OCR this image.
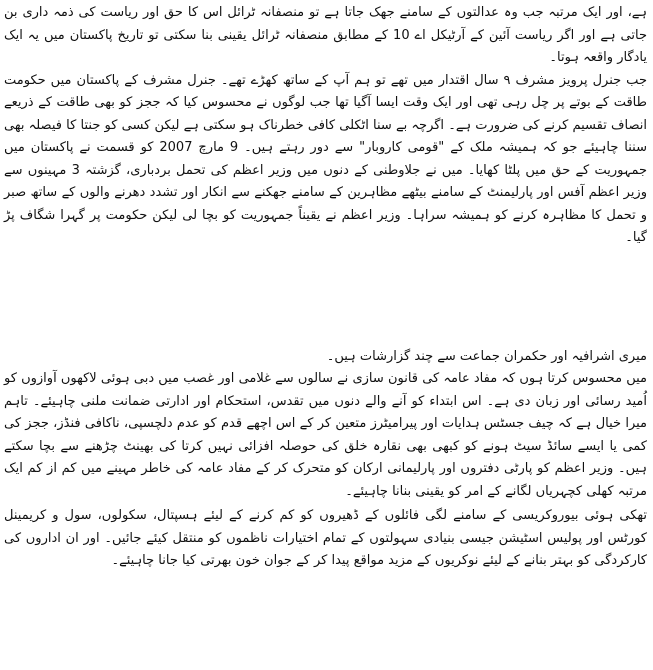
ہے، اور ایک مرتبہ جب وہ عدالتوں کے سامنے جھک جاتا ہے تو منصفانہ ٹرائل اس کا حق اور ریاست کی ذمہ داری بن جاتی ہے اور اگر ریاست آئین کے آرٹیکل اے 10 کے مطابق منصفانہ ٹرائل یقینی بنا سکتی تو تاریخ پاکستان میں یہ ایک یادگار واقعہ ہوتا۔

جب جنرل پرویز مشرف ۹ سال اقتدار میں تھے تو ہم آپ کے ساتھ کھڑے تھے۔ جنرل مشرف کے پاکستان میں حکومت طاقت کے بوتے پر چل رہی تھی اور ایک وقت ایسا آگیا تھا جب لوگوں نے محسوس کیا کہ ججز کو بھی طاقت کے ذریعے انصاف تقسیم کرنے کی ضرورت ہے۔ اگرچہ بے سنا اٹکلی کافی خطرناک ہو سکتی ہے لیکن کسی کو جنتا کا فیصلہ بھی سننا چاہیئے جو کہ ہمیشہ ملک کے "قومی کاروبار" سے دور رہتے ہیں۔ 9 مارچ 2007 کو قسمت نے پاکستان میں جمہوریت کے حق میں پلٹا کھایا۔ میں نے جلاوطنی کے دنوں میں وزیر اعظم کی تحمل بردباری، گزشتہ 3 مہینوں سے وزیر اعظم آفس اور پارلیمنٹ کے سامنے بیٹھے مظاہرین کے سامنے جھکنے سے انکار اور تشدد دھرنے والوں کے ساتھ صبر و تحمل کا مظاہرہ کرنے کو ہمیشہ سراہا۔ وزیر اعظم نے یقیناً جمہوریت کو بچا لی لیکن حکومت پر گہرا شگاف پڑ گیا۔

میری اشرافیہ اور حکمران جماعت سے چند گزارشات ہیں۔

میں محسوس کرتا ہوں کہ مفاد عامہ کی قانون سازی نے سالوں سے غلامی اور غصب میں دبی ہوئی لاکھوں آوازوں کو اُمید رسائی اور زبان دی ہے۔ اس ابتداء کو آنے والے دنوں میں تقدس، استحکام اور ادارتی ضمانت ملنی چاہیئے۔ تاہم میرا خیال ہے کہ چیف جسٹس ہدایات اور پیرامیٹرز متعین کر کے اس اچھے قدم کو عدم دلچسپی، ناکافی فنڈز، ججز کی کمی یا ایسے سائڈ سیٹ ہونے کو کبھی بھی نقارہ خلق کی حوصلہ افزائی نہیں کرتا کی بھینٹ چڑھنے سے بچا سکتے ہیں۔ وزیر اعظم کو پارٹی دفتروں اور پارلیمانی ارکان کو متحرک کر کے مفاد عامہ کی خاطر مہینے میں کم از کم ایک مرتبہ کھلی کچہریاں لگانے کے امر کو یقینی بنانا چاہیئے۔

تھکی ہوئی بیوروکریسی کے سامنے لگی فائلوں کے ڈھیروں کو کم کرنے کے لیئے ہسپتال، سکولوں، سول و کریمینل کورٹس اور پولیس اسٹیشن جیسی بنیادی سہولتوں کے تمام اختیارات ناظموں کو منتقل کیئے جائیں۔ اور ان اداروں کی کارکردگی کو بہتر بنانے کے لیئے نوکریوں کے مزید مواقع پیدا کر کے جوان خون بھرتی کیا جانا چاہیئے۔
